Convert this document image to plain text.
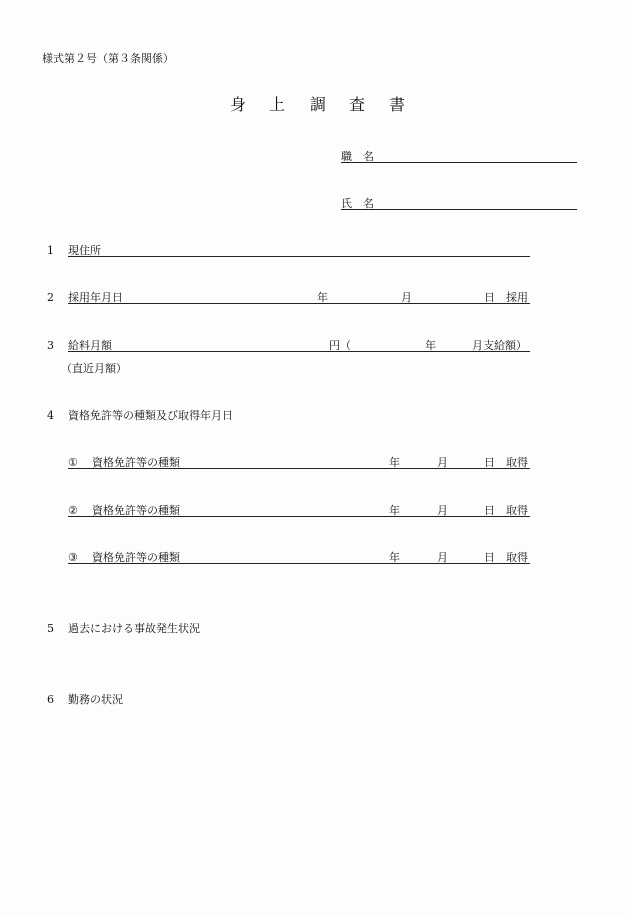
様式第２号（第３条関係）
身 上 調 査 書
職　名
氏　名
1 現住所
2 採用年月日	年	月	日 採用
3 給料月額	円（	年	月支給額）
（直近月額）
4 資格免許等の種類及び取得年月日
① 資格免許等の種類	年	月	日 取得
② 資格免許等の種類	年	月	日 取得
③ 資格免許等の種類	年	月	日 取得
5 過去における事故発生状況
6 勤務の状況
